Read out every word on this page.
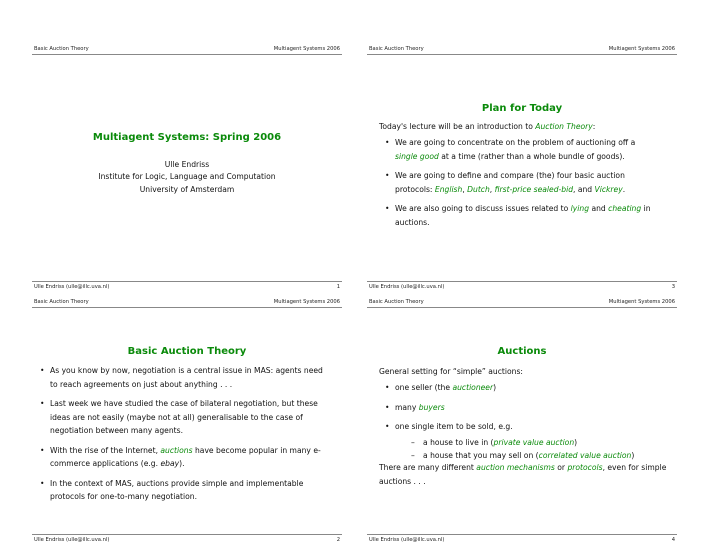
Basic Auction Theory	Multiagent Systems 2006
Multiagent Systems: Spring 2006
Ulle Endriss
Institute for Logic, Language and Computation
University of Amsterdam
Ulle Endriss (ulle@illc.uva.nl)	1
Basic Auction Theory	Multiagent Systems 2006
Plan for Today
Today's lecture will be an introduction to Auction Theory:
• We are going to concentrate on the problem of auctioning off a single good at a time (rather than a whole bundle of goods).
• We are going to define and compare (the) four basic auction protocols: English, Dutch, first-price sealed-bid, and Vickrey.
• We are also going to discuss issues related to lying and cheating in auctions.
Ulle Endriss (ulle@illc.uva.nl)	3
Basic Auction Theory	Multiagent Systems 2006
Basic Auction Theory
• As you know by now, negotiation is a central issue in MAS: agents need to reach agreements on just about anything . . .
• Last week we have studied the case of bilateral negotiation, but these ideas are not easily (maybe not at all) generalisable to the case of negotiation between many agents.
• With the rise of the Internet, auctions have become popular in many e-commerce applications (e.g. ebay).
• In the context of MAS, auctions provide simple and implementable protocols for one-to-many negotiation.
Ulle Endriss (ulle@illc.uva.nl)	2
Basic Auction Theory	Multiagent Systems 2006
Auctions
General setting for “simple” auctions:
• one seller (the auctioneer)
• many buyers
• one single item to be sold, e.g.
– a house to live in (private value auction)
– a house that you may sell on (correlated value auction)
There are many different auction mechanisms or protocols, even for simple auctions . . .
Ulle Endriss (ulle@illc.uva.nl)	4
